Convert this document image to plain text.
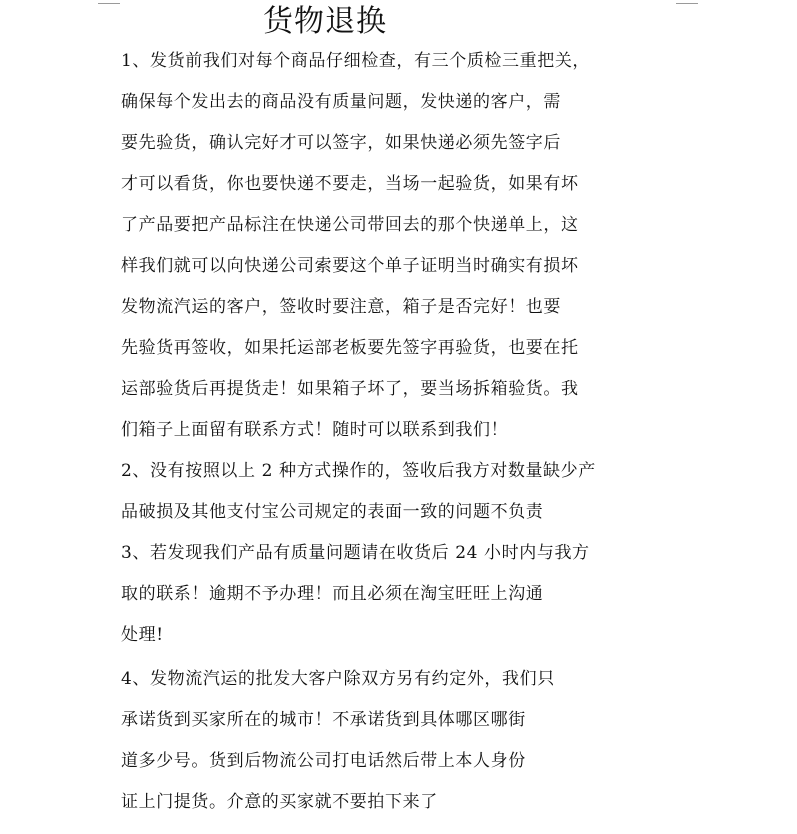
货物退换

1、发货前我们对每个商品仔细检查，有三个质检三重把关，

确保每个发出去的商品没有质量问题，发快递的客户，需

要先验货，确认完好才可以签字，如果快递必须先签字后

才可以看货，你也要快递不要走，当场一起验货，如果有坏

了产品要把产品标注在快递公司带回去的那个快递单上，这

样我们就可以向快递公司索要这个单子证明当时确实有损坏

发物流汽运的客户，签收时要注意，箱子是否完好！也要

先验货再签收，如果托运部老板要先签字再验货，也要在托

运部验货后再提货走！如果箱子坏了，要当场拆箱验货。我

们箱子上面留有联系方式！随时可以联系到我们！

2、没有按照以上 2 种方式操作的，签收后我方对数量缺少产

品破损及其他支付宝公司规定的表面一致的问题不负责

3、若发现我们产品有质量问题请在收货后 24 小时内与我方

取的联系！逾期不予办理！而且必须在淘宝旺旺上沟通

处理!

4、发物流汽运的批发大客户除双方另有约定外，我们只

承诺货到买家所在的城市！不承诺货到具体哪区哪街

道多少号。货到后物流公司打电话然后带上本人身份

证上门提货。介意的买家就不要拍下来了
